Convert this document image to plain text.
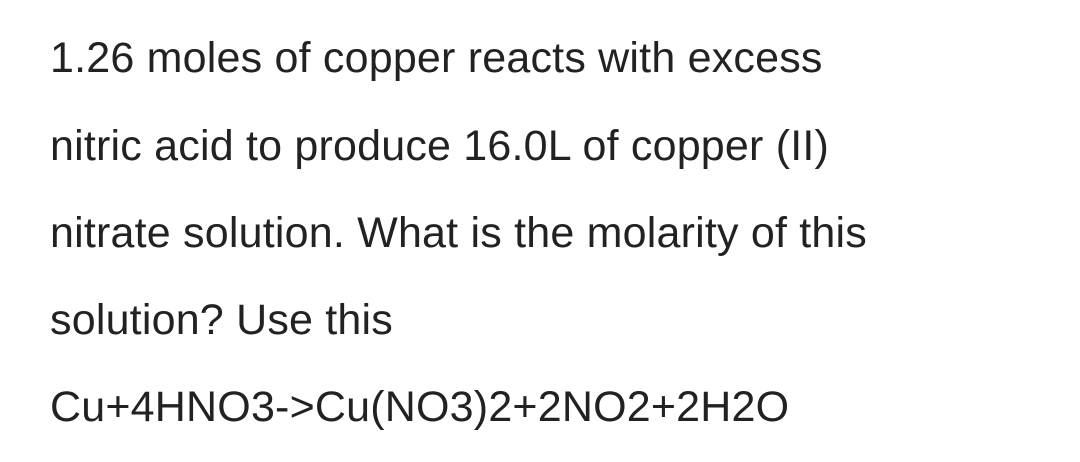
1.26 moles of copper reacts with excess
nitric acid to produce 16.0L of copper (II)
nitrate solution. What is the molarity of this
solution? Use this
Cu+4HNO3->Cu(NO3)2+2NO2+2H2O
